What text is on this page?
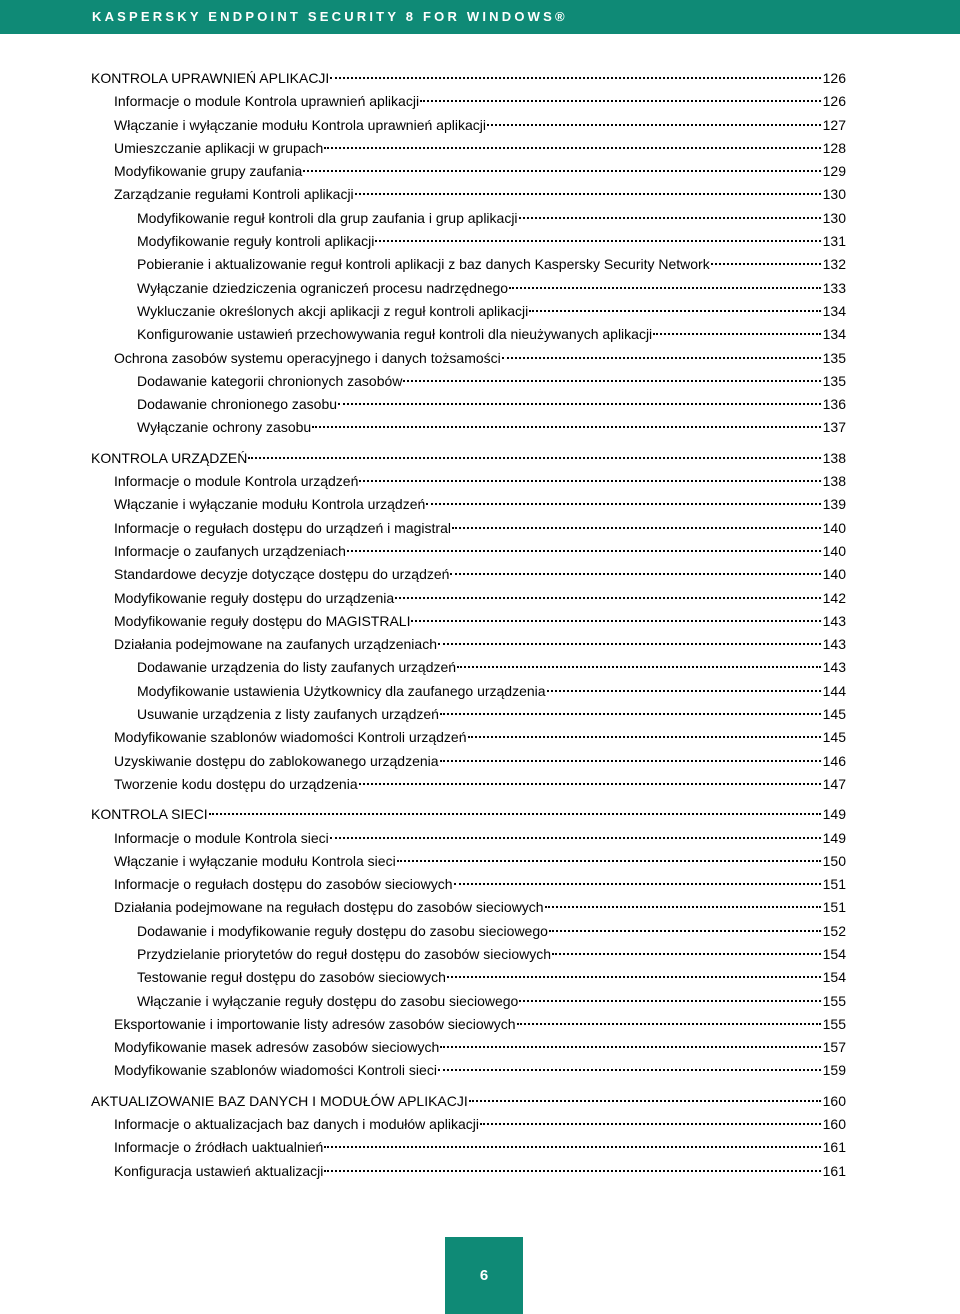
KASPERSKY ENDPOINT SECURITY 8 FOR WINDOWS®
KONTROLA UPRAWNIEŃ APLIKACJI	126
Informacje o module Kontrola uprawnień aplikacji	126
Włączanie i wyłączanie modułu Kontrola uprawnień aplikacji	127
Umieszczanie aplikacji w grupach	128
Modyfikowanie grupy zaufania	129
Zarządzanie regułami Kontroli aplikacji	130
Modyfikowanie reguł kontroli dla grup zaufania i grup aplikacji	130
Modyfikowanie reguły kontroli aplikacji	131
Pobieranie i aktualizowanie reguł kontroli aplikacji z baz danych Kaspersky Security Network	132
Wyłączanie dziedziczenia ograniczeń procesu nadrzędnego	133
Wykluczanie określonych akcji aplikacji z reguł kontroli aplikacji	134
Konfigurowanie ustawień przechowywania reguł kontroli dla nieużywanych aplikacji	134
Ochrona zasobów systemu operacyjnego i danych tożsamości	135
Dodawanie kategorii chronionych zasobów	135
Dodawanie chronionego zasobu	136
Wyłączanie ochrony zasobu	137
KONTROLA URZĄDZEŃ	138
Informacje o module Kontrola urządzeń	138
Włączanie i wyłączanie modułu Kontrola urządzeń	139
Informacje o regułach dostępu do urządzeń i magistral	140
Informacje o zaufanych urządzeniach	140
Standardowe decyzje dotyczące dostępu do urządzeń	140
Modyfikowanie reguły dostępu do urządzenia	142
Modyfikowanie reguły dostępu do MAGISTRALI	143
Działania podejmowane na zaufanych urządzeniach	143
Dodawanie urządzenia do listy zaufanych urządzeń	143
Modyfikowanie ustawienia Użytkownicy dla zaufanego urządzenia	144
Usuwanie urządzenia z listy zaufanych urządzeń	145
Modyfikowanie szablonów wiadomości Kontroli urządzeń	145
Uzyskiwanie dostępu do zablokowanego urządzenia	146
Tworzenie kodu dostępu do urządzenia	147
KONTROLA SIECI	149
Informacje o module Kontrola sieci	149
Włączanie i wyłączanie modułu Kontrola sieci	150
Informacje o regułach dostępu do zasobów sieciowych	151
Działania podejmowane na regułach dostępu do zasobów sieciowych	151
Dodawanie i modyfikowanie reguły dostępu do zasobu sieciowego	152
Przydzielanie priorytetów do reguł dostępu do zasobów sieciowych	154
Testowanie reguł dostępu do zasobów sieciowych	154
Włączanie i wyłączanie reguły dostępu do zasobu sieciowego	155
Eksportowanie i importowanie listy adresów zasobów sieciowych	155
Modyfikowanie masek adresów zasobów sieciowych	157
Modyfikowanie szablonów wiadomości Kontroli sieci	159
AKTUALIZOWANIE BAZ DANYCH I MODUŁÓW APLIKACJI	160
Informacje o aktualizacjach baz danych i modułów aplikacji	160
Informacje o źródłach uaktualnień	161
Konfiguracja ustawień aktualizacji	161
6
